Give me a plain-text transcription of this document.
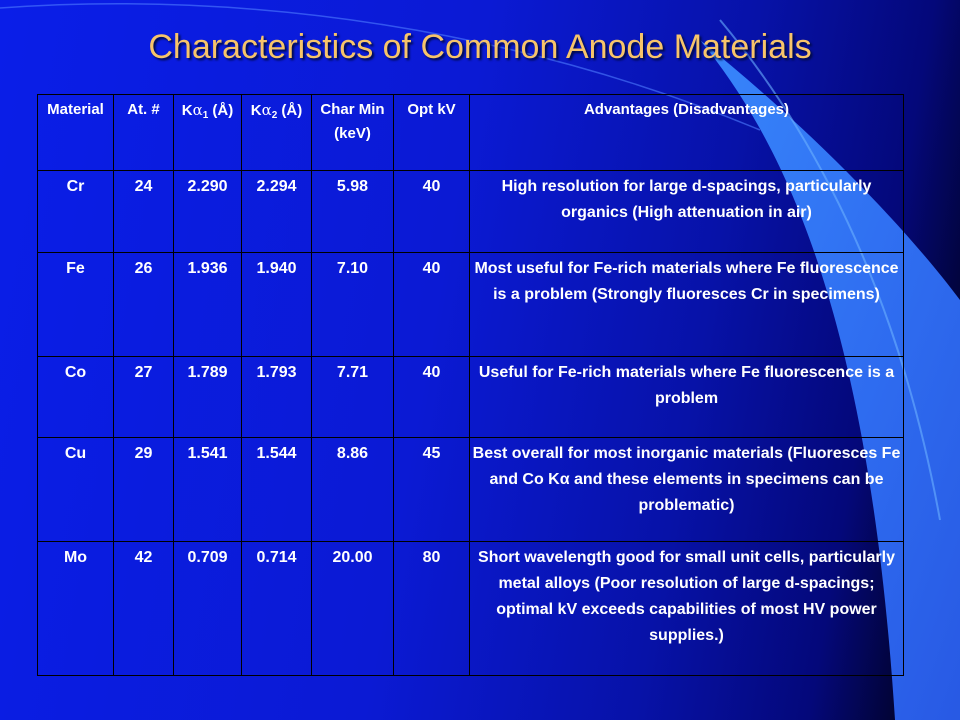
Characteristics of Common Anode Materials
Material	At. #	$K\alpha_1$ (Å)	$K\alpha_2$ (Å)	Char Min (keV)	Opt kV	Advantages (Disadvantages)
Cr	24	2.290	2.294	5.98	40	High resolution for large d-spacings, particularly organics (High attenuation in air)
Fe	26	1.936	1.940	7.10	40	Most useful for Fe-rich materials where Fe fluorescence is a problem (Strongly fluoresces Cr in specimens)
Co	27	1.789	1.793	7.71	40	Useful for Fe-rich materials where Fe fluorescence is a problem
Cu	29	1.541	1.544	8.86	45	Best overall for most inorganic materials (Fluoresces Fe and Co Kα and these elements in specimens can be problematic)
Mo	42	0.709	0.714	20.00	80	Short wavelength good for small unit cells, particularly metal alloys (Poor resolution of large d-spacings; optimal kV exceeds capabilities of most HV power supplies.)
